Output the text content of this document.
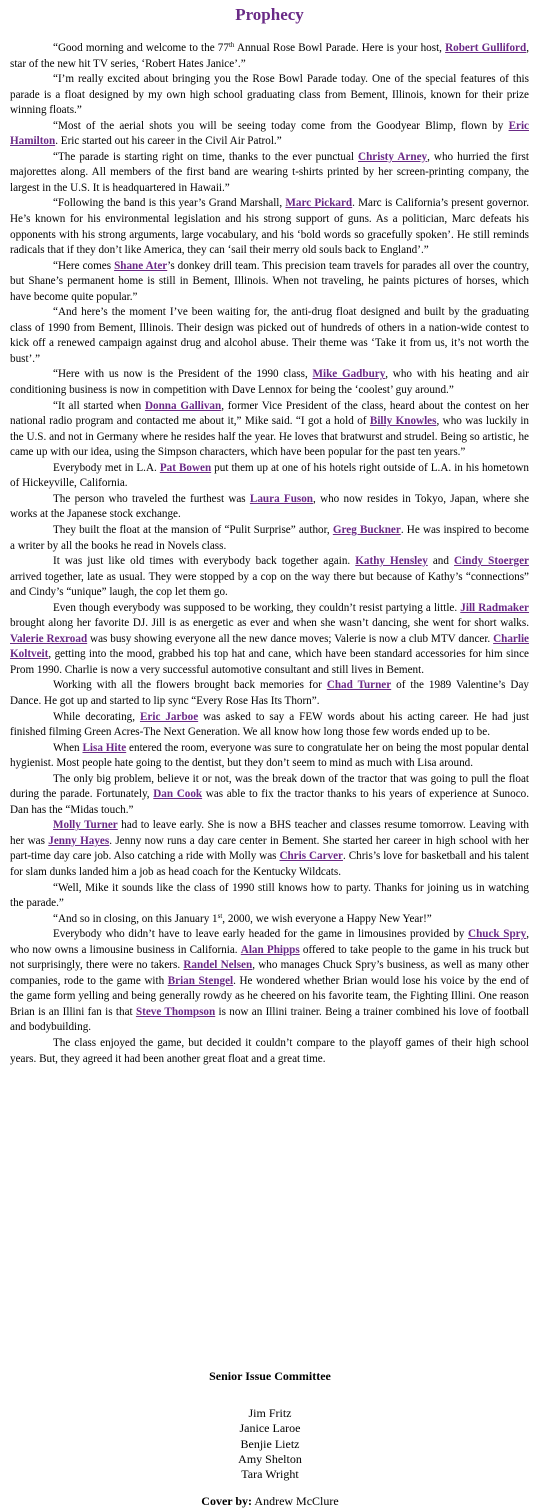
Prophecy

“Good morning and welcome to the 77th Annual Rose Bowl Parade. Here is your host, Robert Gulliford, star of the new hit TV series, ‘Robert Hates Janice’.”

“I’m really excited about bringing you the Rose Bowl Parade today. One of the special features of this parade is a float designed by my own high school graduating class from Bement, Illinois, known for their prize winning floats.”

“Most of the aerial shots you will be seeing today come from the Goodyear Blimp, flown by Eric Hamilton. Eric started out his career in the Civil Air Patrol.”

“The parade is starting right on time, thanks to the ever punctual Christy Arney, who hurried the first majorettes along. All members of the first band are wearing t-shirts printed by her screen-printing company, the largest in the U.S. It is headquartered in Hawaii.”

“Following the band is this year’s Grand Marshall, Marc Pickard. Marc is California’s present governor. He’s known for his environmental legislation and his strong support of guns. As a politician, Marc defeats his opponents with his strong arguments, large vocabulary, and his ‘bold words so gracefully spoken’. He still reminds radicals that if they don’t like America, they can ‘sail their merry old souls back to England’.”

“Here comes Shane Ater’s donkey drill team. This precision team travels for parades all over the country, but Shane’s permanent home is still in Bement, Illinois. When not traveling, he paints pictures of horses, which have become quite popular.”

“And here’s the moment I’ve been waiting for, the anti-drug float designed and built by the graduating class of 1990 from Bement, Illinois. Their design was picked out of hundreds of others in a nation-wide contest to kick off a renewed campaign against drug and alcohol abuse. Their theme was ‘Take it from us, it’s not worth the bust’.”

“Here with us now is the President of the 1990 class, Mike Gadbury, who with his heating and air conditioning business is now in competition with Dave Lennox for being the ‘coolest’ guy around.”

“It all started when Donna Gallivan, former Vice President of the class, heard about the contest on her national radio program and contacted me about it,” Mike said. “I got a hold of Billy Knowles, who was luckily in the U.S. and not in Germany where he resides half the year. He loves that bratwurst and strudel. Being so artistic, he came up with our idea, using the Simpson characters, which have been popular for the past ten years.”

Everybody met in L.A. Pat Bowen put them up at one of his hotels right outside of L.A. in his hometown of Hickeyville, California.

The person who traveled the furthest was Laura Fuson, who now resides in Tokyo, Japan, where she works at the Japanese stock exchange.

They built the float at the mansion of “Pulit Surprise” author, Greg Buckner. He was inspired to become a writer by all the books he read in Novels class.

It was just like old times with everybody back together again. Kathy Hensley and Cindy Stoerger arrived together, late as usual. They were stopped by a cop on the way there but because of Kathy’s “connections” and Cindy’s “unique” laugh, the cop let them go.

Even though everybody was supposed to be working, they couldn’t resist partying a little. Jill Radmaker brought along her favorite DJ. Jill is as energetic as ever and when she wasn’t dancing, she went for short walks. Valerie Rexroad was busy showing everyone all the new dance moves; Valerie is now a club MTV dancer. Charlie Koltveit, getting into the mood, grabbed his top hat and cane, which have been standard accessories for him since Prom 1990. Charlie is now a very successful automotive consultant and still lives in Bement.

Working with all the flowers brought back memories for Chad Turner of the 1989 Valentine’s Day Dance. He got up and started to lip sync “Every Rose Has Its Thorn”.

While decorating, Eric Jarboe was asked to say a FEW words about his acting career. He had just finished filming Green Acres-The Next Generation. We all know how long those few words ended up to be.

When Lisa Hite entered the room, everyone was sure to congratulate her on being the most popular dental hygienist. Most people hate going to the dentist, but they don’t seem to mind as much with Lisa around.

The only big problem, believe it or not, was the break down of the tractor that was going to pull the float during the parade. Fortunately, Dan Cook was able to fix the tractor thanks to his years of experience at Sunoco. Dan has the “Midas touch.”

Molly Turner had to leave early. She is now a BHS teacher and classes resume tomorrow. Leaving with her was Jenny Hayes. Jenny now runs a day care center in Bement. She started her career in high school with her part-time day care job. Also catching a ride with Molly was Chris Carver. Chris’s love for basketball and his talent for slam dunks landed him a job as head coach for the Kentucky Wildcats.

“Well, Mike it sounds like the class of 1990 still knows how to party. Thanks for joining us in watching the parade.”

“And so in closing, on this January 1st, 2000, we wish everyone a Happy New Year!”

Everybody who didn’t have to leave early headed for the game in limousines provided by Chuck Spry, who now owns a limousine business in California. Alan Phipps offered to take people to the game in his truck but not surprisingly, there were no takers. Randel Nelsen, who manages Chuck Spry’s business, as well as many other companies, rode to the game with Brian Stengel. He wondered whether Brian would lose his voice by the end of the game form yelling and being generally rowdy as he cheered on his favorite team, the Fighting Illini. One reason Brian is an Illini fan is that Steve Thompson is now an Illini trainer. Being a trainer combined his love of football and bodybuilding.

The class enjoyed the game, but decided it couldn’t compare to the playoff games of their high school years. But, they agreed it had been another great float and a great time.

Senior Issue Committee
Jim Fritz
Janice Laroe
Benjie Lietz
Amy Shelton
Tara Wright
Cover by: Andrew McClure
